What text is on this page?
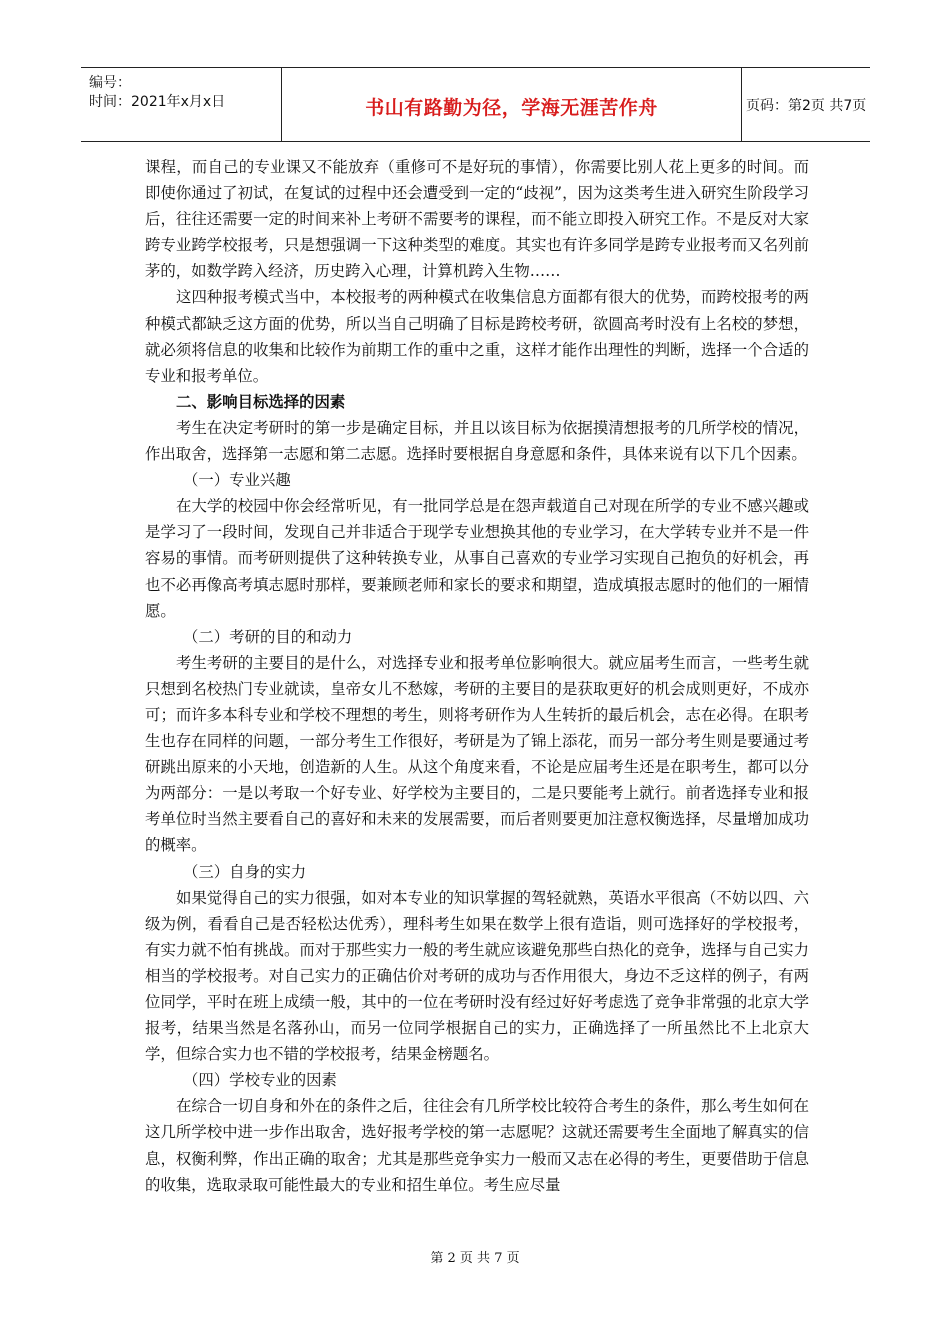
编号：
时间：2021年x月x日	书山有路勤为径，学海无涯苦作舟	页码：第2页 共7页

课程，而自己的专业课又不能放弃（重修可不是好玩的事情），你需要比别人花上更多的时间。而即使你通过了初试，在复试的过程中还会遭受到一定的“歧视”，因为这类考生进入研究生阶段学习后，往往还需要一定的时间来补上考研不需要考的课程，而不能立即投入研究工作。不是反对大家跨专业跨学校报考，只是想强调一下这种类型的难度。其实也有许多同学是跨专业报考而又名列前茅的，如数学跨入经济，历史跨入心理，计算机跨入生物……

这四种报考模式当中，本校报考的两种模式在收集信息方面都有很大的优势，而跨校报考的两种模式都缺乏这方面的优势，所以当自己明确了目标是跨校考研，欲圆高考时没有上名校的梦想，就必须将信息的收集和比较作为前期工作的重中之重，这样才能作出理性的判断，选择一个合适的专业和报考单位。

二、影响目标选择的因素

考生在决定考研时的第一步是确定目标，并且以该目标为依据摸清想报考的几所学校的情况，作出取舍，选择第一志愿和第二志愿。选择时要根据自身意愿和条件，具体来说有以下几个因素。

（一）专业兴趣

在大学的校园中你会经常听见，有一批同学总是在怨声载道自己对现在所学的专业不感兴趣或是学习了一段时间，发现自己并非适合于现学专业想换其他的专业学习，在大学转专业并不是一件容易的事情。而考研则提供了这种转换专业，从事自己喜欢的专业学习实现自己抱负的好机会，再也不必再像高考填志愿时那样，要兼顾老师和家长的要求和期望，造成填报志愿时的他们的一厢情愿。

（二）考研的目的和动力

考生考研的主要目的是什么，对选择专业和报考单位影响很大。就应届考生而言，一些考生就只想到名校热门专业就读，皇帝女儿不愁嫁，考研的主要目的是获取更好的机会成则更好，不成亦可；而许多本科专业和学校不理想的考生，则将考研作为人生转折的最后机会，志在必得。在职考生也存在同样的问题，一部分考生工作很好，考研是为了锦上添花，而另一部分考生则是要通过考研跳出原来的小天地，创造新的人生。从这个角度来看，不论是应届考生还是在职考生，都可以分为两部分：一是以考取一个好专业、好学校为主要目的，二是只要能考上就行。前者选择专业和报考单位时当然主要看自己的喜好和未来的发展需要，而后者则要更加注意权衡选择，尽量增加成功的概率。

（三）自身的实力

如果觉得自己的实力很强，如对本专业的知识掌握的驾轻就熟，英语水平很高（不妨以四、六级为例，看看自己是否轻松达优秀），理科考生如果在数学上很有造诣，则可选择好的学校报考，有实力就不怕有挑战。而对于那些实力一般的考生就应该避免那些白热化的竞争，选择与自己实力相当的学校报考。对自己实力的正确估价对考研的成功与否作用很大，身边不乏这样的例子，有两位同学，平时在班上成绩一般，其中的一位在考研时没有经过好好考虑选了竞争非常强的北京大学报考，结果当然是名落孙山，而另一位同学根据自己的实力，正确选择了一所虽然比不上北京大学，但综合实力也不错的学校报考，结果金榜题名。

（四）学校专业的因素

在综合一切自身和外在的条件之后，往往会有几所学校比较符合考生的条件，那么考生如何在这几所学校中进一步作出取舍，选好报考学校的第一志愿呢？这就还需要考生全面地了解真实的信息，权衡利弊，作出正确的取舍；尤其是那些竞争实力一般而又志在必得的考生，更要借助于信息的收集，选取录取可能性最大的专业和招生单位。考生应尽量

第 2 页 共 7 页
